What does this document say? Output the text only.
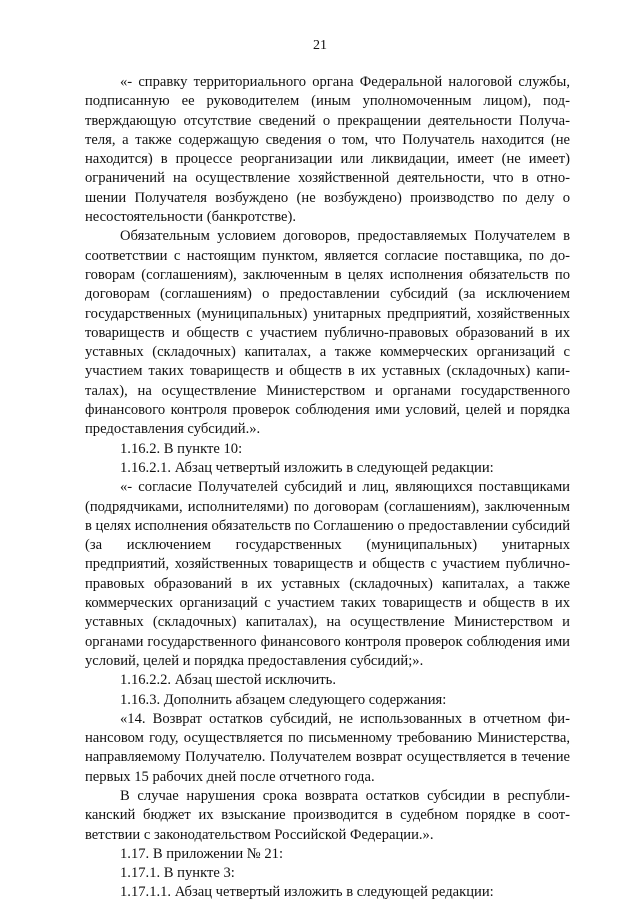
21

«- справку территориального органа Федеральной налоговой службы, подписанную ее руководителем (иным уполномоченным лицом), подтверждающую отсутствие сведений о прекращении деятельности Получателя, а также содержащую сведения о том, что Получатель находится (не находится) в процессе реорганизации или ликвидации, имеет (не имеет) ограничений на осуществление хозяйственной деятельности, что в отношении Получателя возбуждено (не возбуждено) производство по делу о несостоятельности (банкротстве).

Обязательным условием договоров, предоставляемых Получателем в соответствии с настоящим пунктом, является согласие поставщика, по договорам (соглашениям), заключенным в целях исполнения обязательств по договорам (соглашениям) о предоставлении субсидий (за исключением государственных (муниципальных) унитарных предприятий, хозяйственных товариществ и обществ с участием публично-правовых образований в их уставных (складочных) капиталах, а также коммерческих организаций с участием таких товариществ и обществ в их уставных (складочных) капиталах), на осуществление Министерством и органами государственного финансового контроля проверок соблюдения ими условий, целей и порядка предоставления субсидий.».

1.16.2. В пункте 10:

1.16.2.1. Абзац четвертый изложить в следующей редакции:

«- согласие Получателей субсидий и лиц, являющихся поставщиками (подрядчиками, исполнителями) по договорам (соглашениям), заключенным в целях исполнения обязательств по Соглашению о предоставлении субсидий (за исключением государственных (муниципальных) унитарных предприятий, хозяйственных товариществ и обществ с участием публично-правовых образований в их уставных (складочных) капиталах, а также коммерческих организаций с участием таких товариществ и обществ в их уставных (складочных) капиталах), на осуществление Министерством и органами государственного финансового контроля проверок соблюдения ими условий, целей и порядка предоставления субсидий;».

1.16.2.2. Абзац шестой исключить.

1.16.3. Дополнить абзацем следующего содержания:

«14. Возврат остатков субсидий, не использованных в отчетном финансовом году, осуществляется по письменному требованию Министерства, направляемому Получателю. Получателем возврат осуществляется в течение первых 15 рабочих дней после отчетного года.

В случае нарушения срока возврата остатков субсидии в республиканский бюджет их взыскание производится в судебном порядке в соответствии с законодательством Российской Федерации.».

1.17. В приложении № 21:

1.17.1. В пункте 3:

1.17.1.1. Абзац четвертый изложить в следующей редакции:
